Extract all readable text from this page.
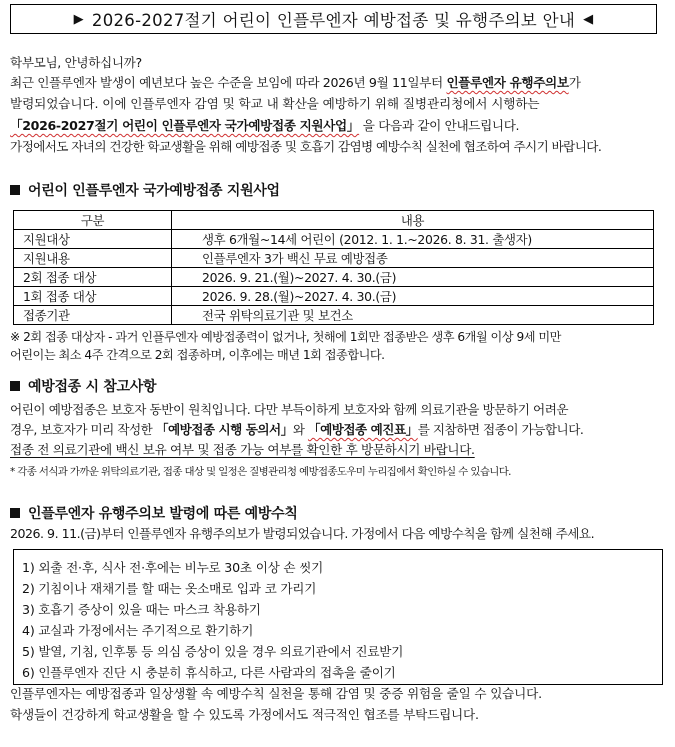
▶ 2026-2027절기 어린이 인플루엔자 예방접종 및 유행주의보 안내 ◀
학부모님, 안녕하십니까?
최근 인플루엔자 발생이 예년보다 높은 수준을 보임에 따라 2026년 9월 11일부터 인플루엔자 유행주의보가
발령되었습니다. 이에 인플루엔자 감염 및 학교 내 확산을 예방하기 위해 질병관리청에서 시행하는
「2026-2027절기 어린이 인플루엔자 국가예방접종 지원사업」 을 다음과 같이 안내드립니다.
가정에서도 자녀의 건강한 학교생활을 위해 예방접종 및 호흡기 감염병 예방수칙 실천에 협조하여 주시기 바랍니다.
어린이 인플루엔자 국가예방접종 지원사업
구분	내용
지원대상	생후 6개월~14세 어린이 (2012. 1. 1.~2026. 8. 31. 출생자)
지원내용	인플루엔자 3가 백신 무료 예방접종
2회 접종 대상	2026. 9. 21.(월)~2027. 4. 30.(금)
1회 접종 대상	2026. 9. 28.(월)~2027. 4. 30.(금)
접종기관	전국 위탁의료기관 및 보건소
※ 2회 접종 대상자 - 과거 인플루엔자 예방접종력이 없거나, 첫해에 1회만 접종받은 생후 6개월 이상 9세 미만
어린이는 최소 4주 간격으로 2회 접종하며, 이후에는 매년 1회 접종합니다.
예방접종 시 참고사항
어린이 예방접종은 보호자 동반이 원칙입니다. 다만 부득이하게 보호자와 함께 의료기관을 방문하기 어려운
경우, 보호자가 미리 작성한 「예방접종 시행 동의서」와 「예방접종 예진표」를 지참하면 접종이 가능합니다.
접종 전 의료기관에 백신 보유 여부 및 접종 가능 여부를 확인한 후 방문하시기 바랍니다.
* 각종 서식과 가까운 위탁의료기관, 접종 대상 및 일정은 질병관리청 예방접종도우미 누리집에서 확인하실 수 있습니다.
인플루엔자 유행주의보 발령에 따른 예방수칙
2026. 9. 11.(금)부터 인플루엔자 유행주의보가 발령되었습니다. 가정에서 다음 예방수칙을 함께 실천해 주세요.
1) 외출 전·후, 식사 전·후에는 비누로 30초 이상 손 씻기
2) 기침이나 재채기를 할 때는 옷소매로 입과 코 가리기
3) 호흡기 증상이 있을 때는 마스크 착용하기
4) 교실과 가정에서는 주기적으로 환기하기
5) 발열, 기침, 인후통 등 의심 증상이 있을 경우 의료기관에서 진료받기
6) 인플루엔자 진단 시 충분히 휴식하고, 다른 사람과의 접촉을 줄이기
인플루엔자는 예방접종과 일상생활 속 예방수칙 실천을 통해 감염 및 중증 위험을 줄일 수 있습니다.
학생들이 건강하게 학교생활을 할 수 있도록 가정에서도 적극적인 협조를 부탁드립니다.
